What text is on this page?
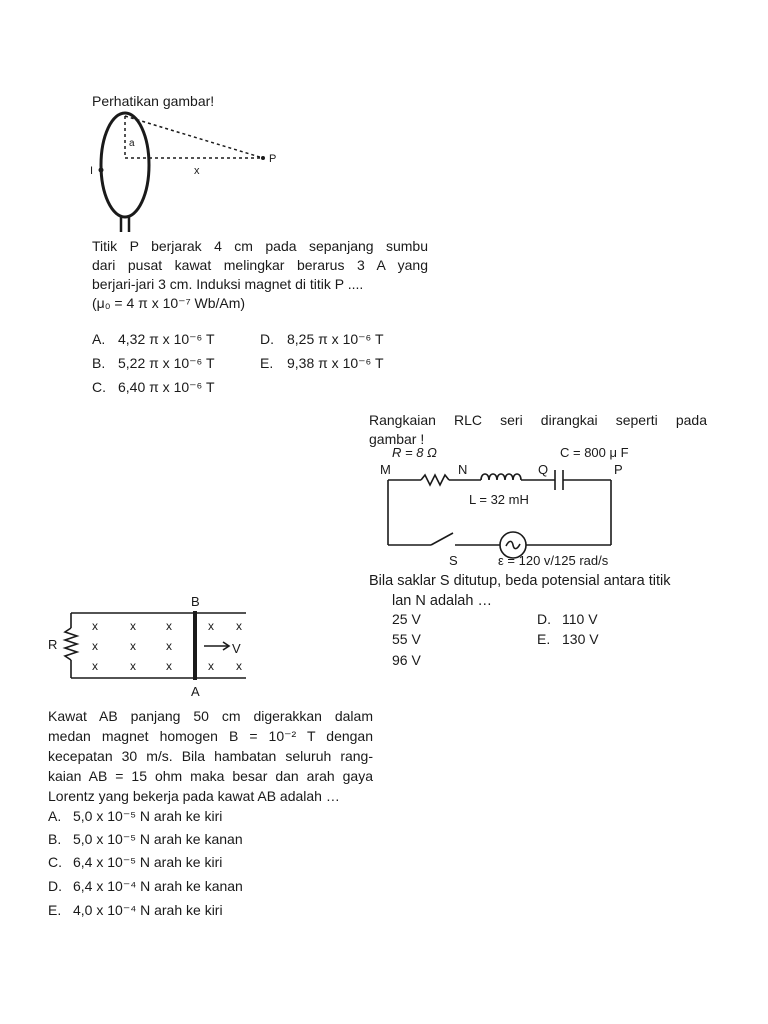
Perhatikan gambar!

a
x
P
I
Titik P berjarak 4 cm pada sepanjang sumbu
dari pusat kawat melingkar berarus 3 A yang
berjari-jari 3 cm. Induksi magnet di titik P ....
(μ₀ = 4 π x 10⁻⁷ Wb/Am)
A. 4,32 π x 10⁻⁶ T
B. 5,22 π x 10⁻⁶ T
C. 6,40 π x 10⁻⁶ T
D. 8,25 π x 10⁻⁶ T
E. 9,38 π x 10⁻⁶ T
Rangkaian RLC seri dirangkai seperti pada
gambar !
R = 8 Ω	C = 800 μ F
L = 32 mH
M	N	Q	P
S	ε = 120 v/125 rad/s
Bila saklar S ditutup, beda potensial antara titik
lan N adalah …
25 V
55 V
96 V
D. 110 V
E. 130 V
x	x	x	x x
x	x	x
x	x	x	x x
B
A
R	V
Kawat AB panjang 50 cm digerakkan dalam
medan magnet homogen B = 10⁻² T dengan
kecepatan 30 m/s. Bila hambatan seluruh rang-
kaian AB = 15 ohm maka besar dan arah gaya
Lorentz yang bekerja pada kawat AB adalah …
A. 5,0 x 10⁻⁵ N arah ke kiri
B. 5,0 x 10⁻⁵ N arah ke kanan
C. 6,4 x 10⁻⁵ N arah ke kiri
D. 6,4 x 10⁻⁴ N arah ke kanan
E. 4,0 x 10⁻⁴ N arah ke kiri
